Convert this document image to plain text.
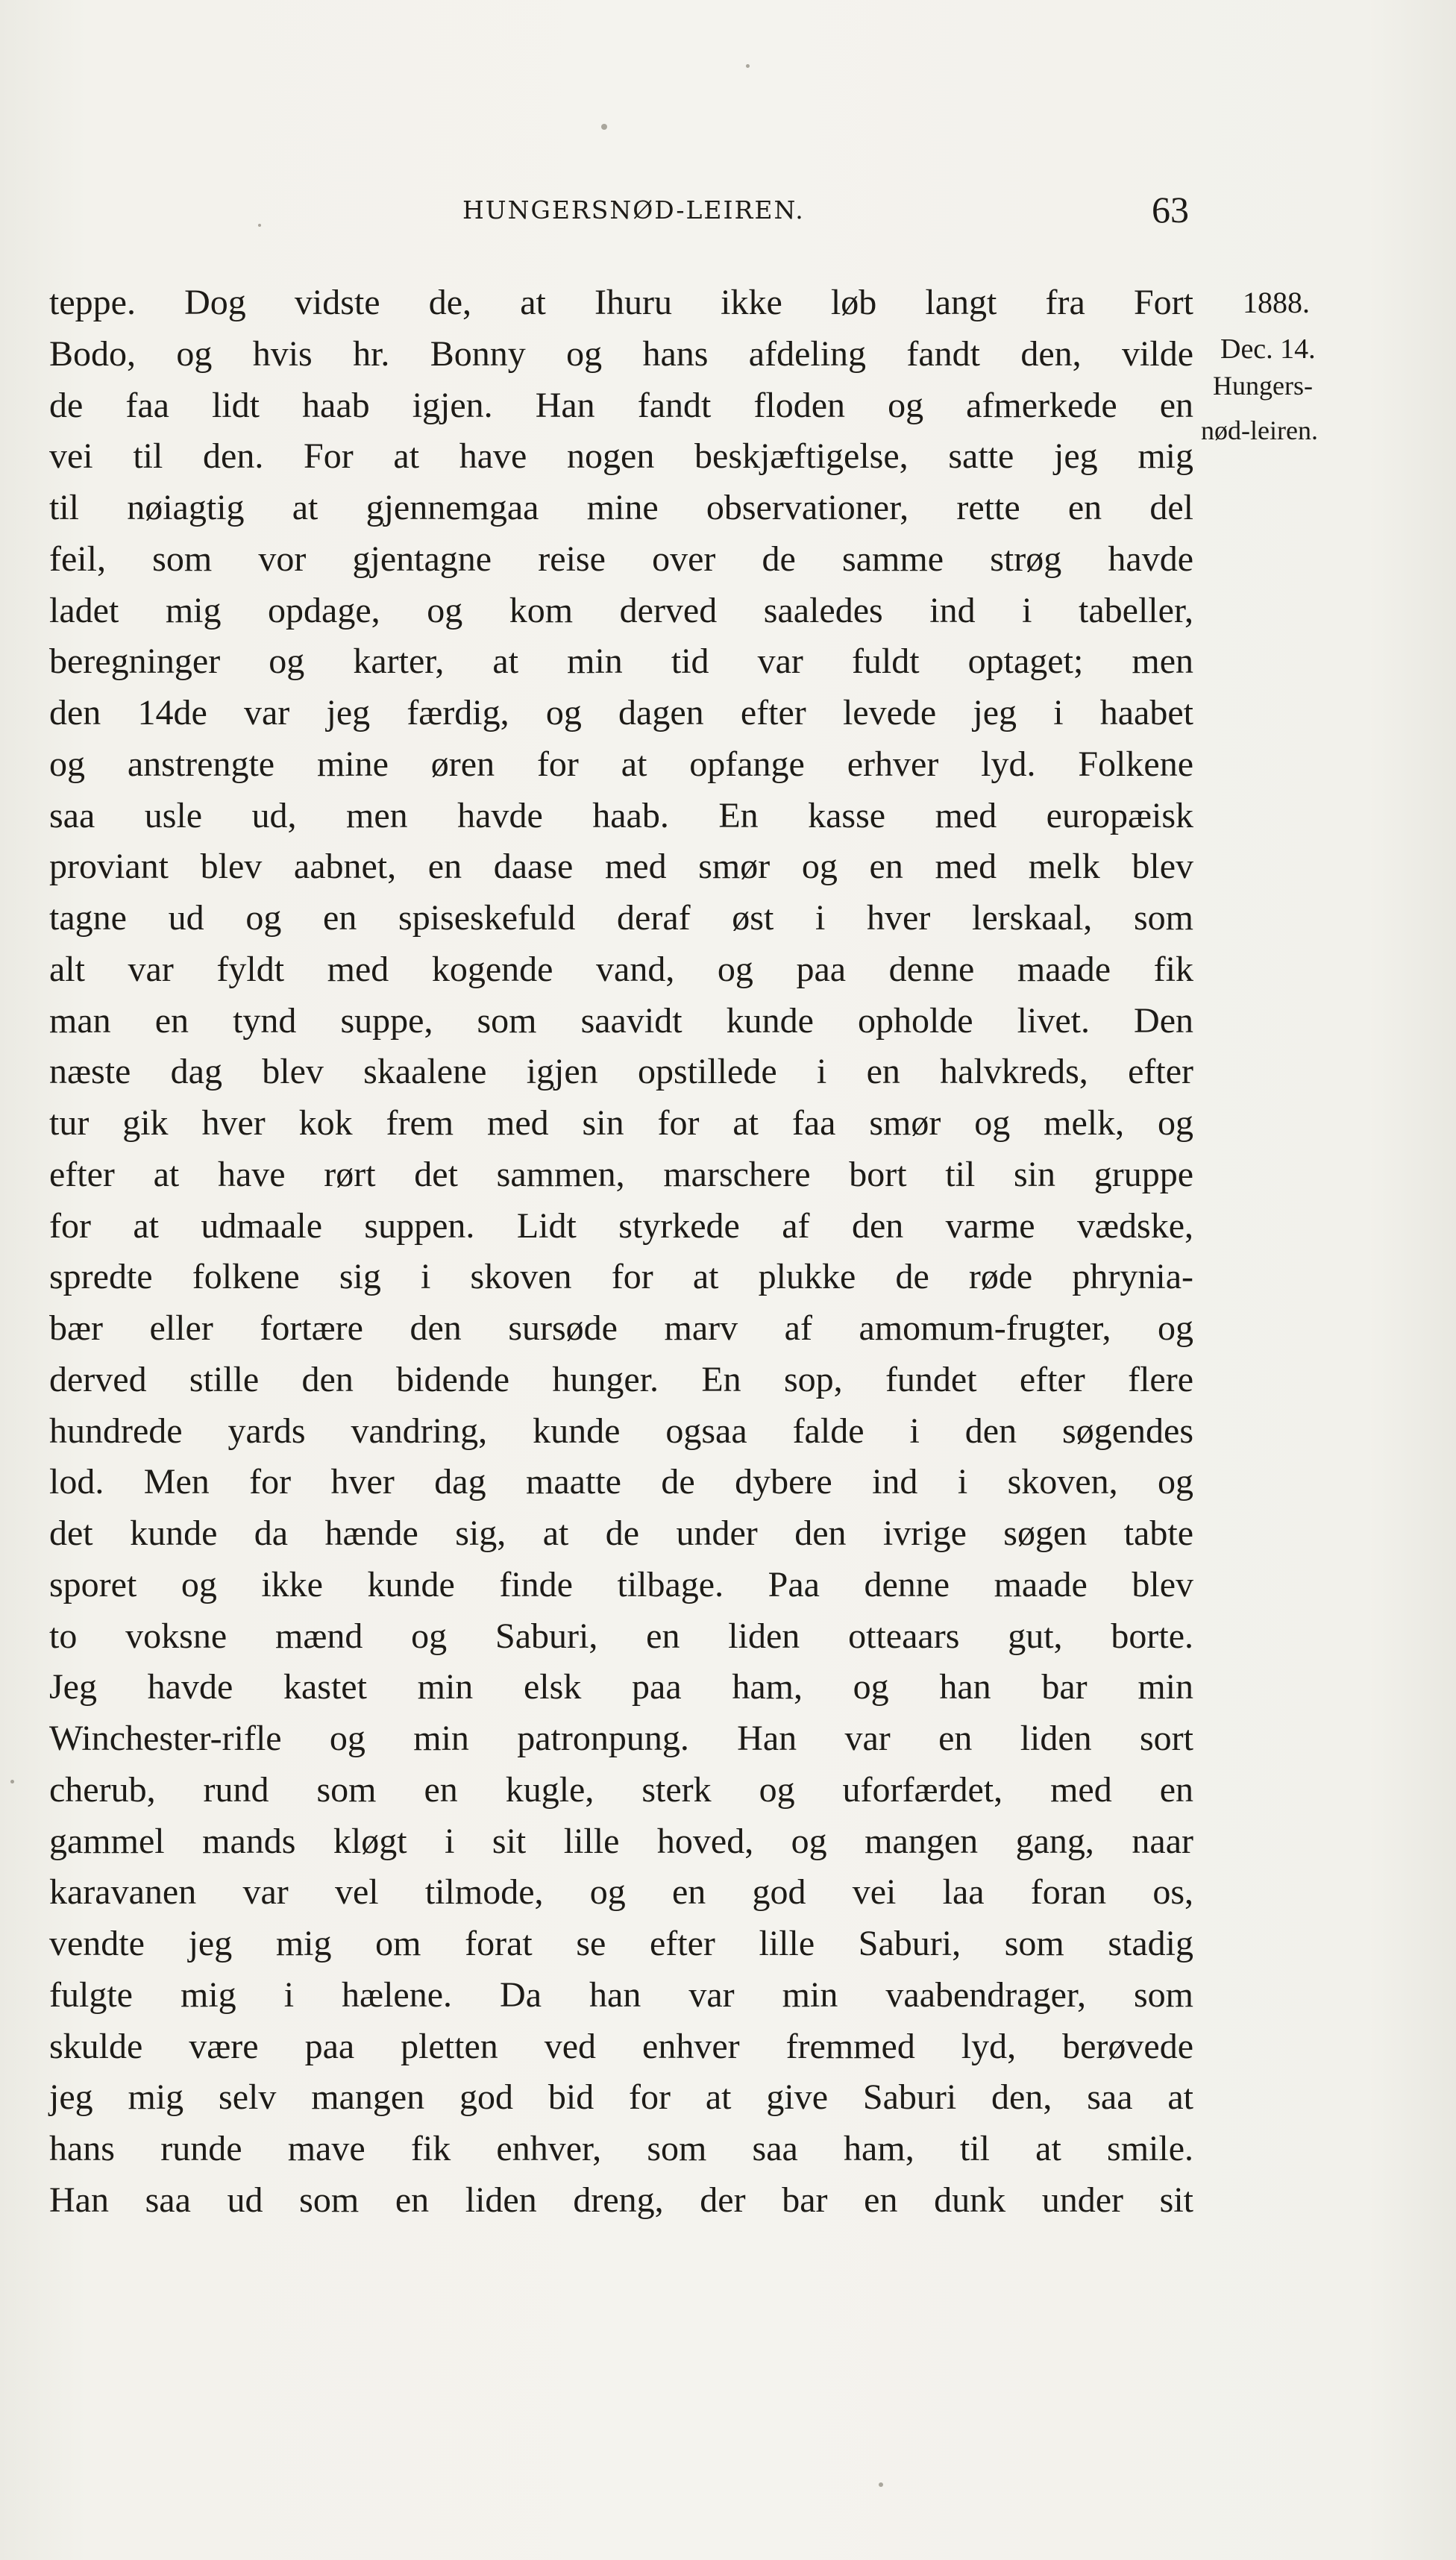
HUNGERSNØD-LEIREN.	63
1888.
Dec. 14.
Hungers-
nød-leiren.
teppe. Dog vidste de, at Ihuru ikke løb langt fra Fort
Bodo, og hvis hr. Bonny og hans afdeling fandt den, vilde
de faa lidt haab igjen. Han fandt floden og afmerkede en
vei til den. For at have nogen beskjæftigelse, satte jeg mig
til nøiagtig at gjennemgaa mine observationer, rette en del
feil, som vor gjentagne reise over de samme strøg havde
ladet mig opdage, og kom derved saaledes ind i tabeller,
beregninger og karter, at min tid var fuldt optaget; men
den 14de var jeg færdig, og dagen efter levede jeg i haabet
og anstrengte mine øren for at opfange erhver lyd. Folkene
saa usle ud, men havde haab. En kasse med europæisk
proviant blev aabnet, en daase med smør og en med melk blev
tagne ud og en spiseskefuld deraf øst i hver lerskaal, som
alt var fyldt med kogende vand, og paa denne maade fik
man en tynd suppe, som saavidt kunde opholde livet. Den
næste dag blev skaalene igjen opstillede i en halvkreds, efter
tur gik hver kok frem med sin for at faa smør og melk, og
efter at have rørt det sammen, marschere bort til sin gruppe
for at udmaale suppen. Lidt styrkede af den varme vædske,
spredte folkene sig i skoven for at plukke de røde phrynia-
bær eller fortære den sursøde marv af amomum-frugter, og
derved stille den bidende hunger. En sop, fundet efter flere
hundrede yards vandring, kunde ogsaa falde i den søgendes
lod. Men for hver dag maatte de dybere ind i skoven, og
det kunde da hænde sig, at de under den ivrige søgen tabte
sporet og ikke kunde finde tilbage. Paa denne maade blev
to voksne mænd og Saburi, en liden otteaars gut, borte.
Jeg havde kastet min elsk paa ham, og han bar min
Winchester-rifle og min patronpung. Han var en liden sort
cherub, rund som en kugle, sterk og uforfærdet, med en
gammel mands kløgt i sit lille hoved, og mangen gang, naar
karavanen var vel tilmode, og en god vei laa foran os,
vendte jeg mig om forat se efter lille Saburi, som stadig
fulgte mig i hælene. Da han var min vaabendrager, som
skulde være paa pletten ved enhver fremmed lyd, berøvede
jeg mig selv mangen god bid for at give Saburi den, saa at
hans runde mave fik enhver, som saa ham, til at smile.
Han saa ud som en liden dreng, der bar en dunk under sit
